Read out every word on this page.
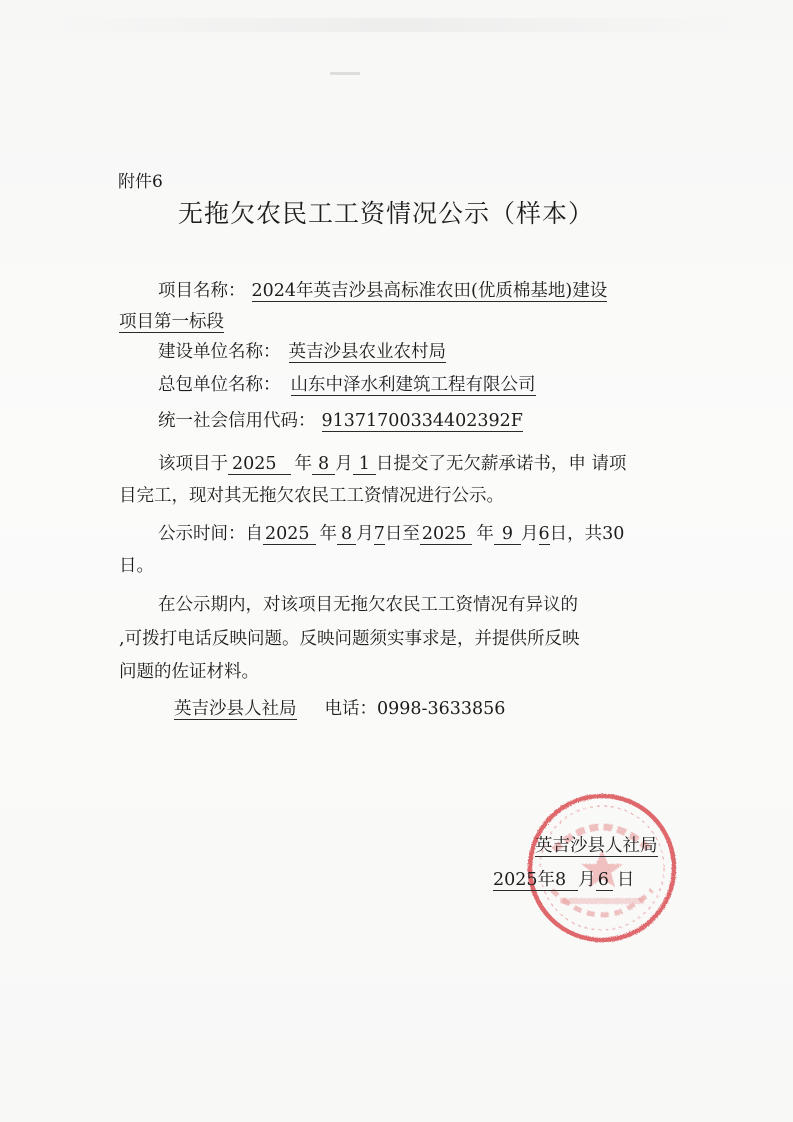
附件6
无拖欠农民工工资情况公示（样本）
项目名称： 2024年英吉沙县高标准农田(优质棉基地)建设
项目第一标段
建设单位名称： 英吉沙县农业农村局
总包单位名称： 山东中泽水利建筑工程有限公司
统一社会信用代码： 91371700334402392F
该项目于 2025 年 8 月 1 日提交了无欠薪承诺书，申 请项
目完工，现对其无拖欠农民工工资情况进行公示。
公示时间：自 2025 年 8 月7日至 2025 年 9 月6日，共30
日。
在公示期内，对该项目无拖欠农民工工资情况有异议的
,可拨打电话反映问题。反映问题须实事求是，并提供所反映
问题的佐证材料。
英吉沙县人社局 电话：0998-3633856
英吉沙县人社局
2025年8 月 6 日
